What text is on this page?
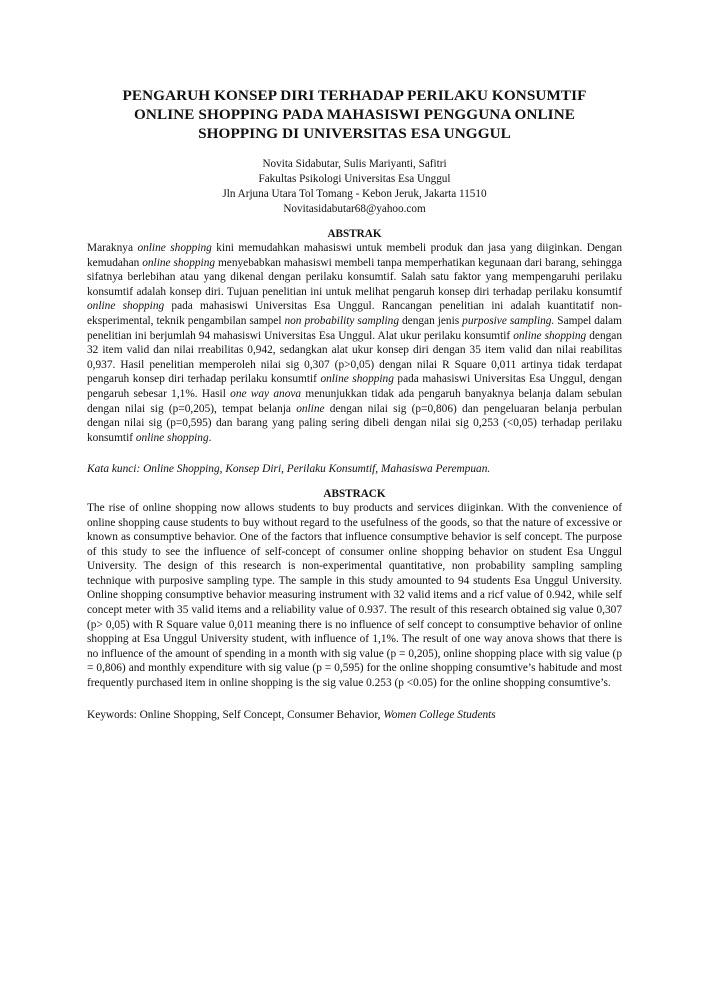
PENGARUH KONSEP DIRI TERHADAP PERILAKU KONSUMTIF
ONLINE SHOPPING PADA MAHASISWI PENGGUNA ONLINE
SHOPPING DI UNIVERSITAS ESA UNGGUL
Novita Sidabutar, Sulis Mariyanti, Safitri
Fakultas Psikologi Universitas Esa Unggul
Jln Arjuna Utara Tol Tomang - Kebon Jeruk, Jakarta 11510
Novitasidabutar68@yahoo.com
ABSTRAK

Maraknya online shopping kini memudahkan mahasiswi untuk membeli produk dan jasa yang diiginkan. Dengan kemudahan online shopping menyebabkan mahasiswi membeli tanpa memperhatikan kegunaan dari barang, sehingga sifatnya berlebihan atau yang dikenal dengan perilaku konsumtif. Salah satu faktor yang mempengaruhi perilaku konsumtif adalah konsep diri. Tujuan penelitian ini untuk melihat pengaruh konsep diri terhadap perilaku konsumtif online shopping pada mahasiswi Universitas Esa Unggul. Rancangan penelitian ini adalah kuantitatif non-eksperimental, teknik pengambilan sampel non probability sampling dengan jenis purposive sampling. Sampel dalam penelitian ini berjumlah 94 mahasiswi Universitas Esa Unggul. Alat ukur perilaku konsumtif online shopping dengan 32 item valid dan nilai rreabilitas 0,942, sedangkan alat ukur konsep diri dengan 35 item valid dan nilai reabilitas 0,937. Hasil penelitian memperoleh nilai sig 0,307 (p>0,05) dengan nilai R Square 0,011 artinya tidak terdapat pengaruh konsep diri terhadap perilaku konsumtif online shopping pada mahasiswi Universitas Esa Unggul, dengan pengaruh sebesar 1,1%. Hasil one way anova menunjukkan tidak ada pengaruh banyaknya belanja dalam sebulan dengan nilai sig (p=0,205), tempat belanja online dengan nilai sig (p=0,806) dan pengeluaran belanja perbulan dengan nilai sig (p=0,595) dan barang yang paling sering dibeli dengan nilai sig 0,253 (<0,05) terhadap perilaku konsumtif online shopping.

Kata kunci: Online Shopping, Konsep Diri, Perilaku Konsumtif, Mahasiswa Perempuan.
ABSTRACK

The rise of online shopping now allows students to buy products and services diiginkan. With the convenience of online shopping cause students to buy without regard to the usefulness of the goods, so that the nature of excessive or known as consumptive behavior. One of the factors that influence consumptive behavior is self concept. The purpose of this study to see the influence of self-concept of consumer online shopping behavior on student Esa Unggul University. The design of this research is non-experimental quantitative, non probability sampling sampling technique with purposive sampling type. The sample in this study amounted to 94 students Esa Unggul University. Online shopping consumptive behavior measuring instrument with 32 valid items and a ricf value of 0.942, while self concept meter with 35 valid items and a reliability value of 0.937. The result of this research obtained sig value 0,307 (p> 0,05) with R Square value 0,011 meaning there is no influence of self concept to consumptive behavior of online shopping at Esa Unggul University student, with influence of 1,1%. The result of one way anova shows that there is no influence of the amount of spending in a month with sig value (p = 0,205), online shopping place with sig value (p = 0,806) and monthly expenditure with sig value (p = 0,595) for the online shopping consumtive’s habitude and most frequently purchased item in online shopping is the sig value 0.253 (p <0.05) for the online shopping consumtive’s.

Keywords: Online Shopping, Self Concept, Consumer Behavior, Women College Students
